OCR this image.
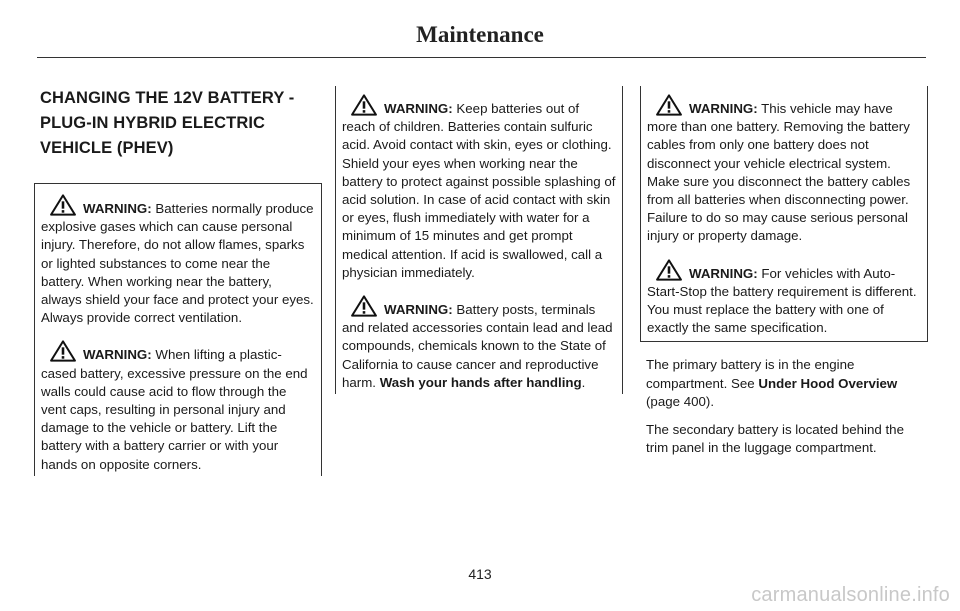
Maintenance
CHANGING THE 12V BATTERY -
PLUG-IN HYBRID ELECTRIC
VEHICLE (PHEV)

WARNING: Batteries normally produce explosive gases which can cause personal injury. Therefore, do not allow flames, sparks or lighted substances to come near the battery. When working near the battery, always shield your face and protect your eyes. Always provide correct ventilation.

WARNING: When lifting a plastic-cased battery, excessive pressure on the end walls could cause acid to flow through the vent caps, resulting in personal injury and damage to the vehicle or battery. Lift the battery with a battery carrier or with your hands on opposite corners.

WARNING: Keep batteries out of reach of children. Batteries contain sulfuric acid. Avoid contact with skin, eyes or clothing. Shield your eyes when working near the battery to protect against possible splashing of acid solution. In case of acid contact with skin or eyes, flush immediately with water for a minimum of 15 minutes and get prompt medical attention. If acid is swallowed, call a physician immediately.

WARNING: Battery posts, terminals and related accessories contain lead and lead compounds, chemicals known to the State of California to cause cancer and reproductive harm. Wash your hands after handling.

WARNING: This vehicle may have more than one battery. Removing the battery cables from only one battery does not disconnect your vehicle electrical system. Make sure you disconnect the battery cables from all batteries when disconnecting power. Failure to do so may cause serious personal injury or property damage.

WARNING: For vehicles with Auto-Start-Stop the battery requirement is different. You must replace the battery with one of exactly the same specification.

The primary battery is in the engine compartment. See Under Hood Overview (page 400).

The secondary battery is located behind the trim panel in the luggage compartment.

413
carmanualsonline.info
